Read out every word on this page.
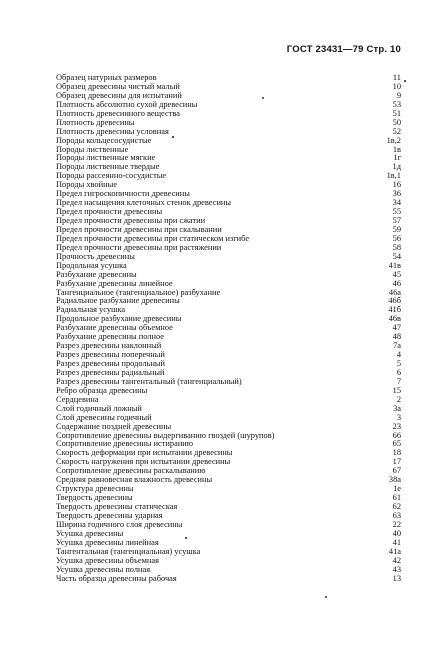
ГОСТ 23431—79 Стр. 10
Образец натурных размеров	11
Образец древесины чистый малый	10
Образец древесины для испытаний	9
Плотность абсолютно сухой древесины	53
Плотность древесинного вещества	51
Плотность древесины	50
Плотность древесины условная	52
Породы кольцесосудистые	1в,2
Породы лиственные	1в
Породы лиственные мягкие	1г
Породы лиственные твердые	1д
Породы рассеянно-сосудистые	1в,1
Породы хвойные	16
Предел гигроскопичности древесины	36
Предел насыщения клеточных стенок древесины	34
Предел прочности древесины	55
Предел прочности древесины при сжатии	57
Предел прочности древесины при скалывании	59
Предел прочности древесины при статическом изгибе	56
Предел прочности древесины при растяжении	58
Прочность древесины	54
Продольная усушка	41в
Разбухание древесины	45
Разбухание древесины линейное	46
Тангенциальное (тангенциальное) разбухание	46а
Радиальное разбухание древесины	46б
Радиальная усушка	41б
Продольное разбухание древесины	46в
Разбухание древесины объемное	47
Разбухание древесины полное	48
Разрез древесины наклонный	7а
Разрез древесины поперечный	4
Разрез древесины продольный	5
Разрез древесины радиальный	6
Разрез древесины тангентальный (тангенциальный)	7
Ребро образца древесины	15
Сердцевина	2
Слой годичный ложный	3а
Слой древесины годичный	3
Содержание поздней древесины	23
Сопротивление древесины выдергиванию гвоздей (шурупов)	66
Сопротивление древесины истиранию	65
Скорость деформации при испытании древесины	18
Скорость нагружения при испытании древесины	17
Сопротивление древесины раскалыванию	67
Средняя равновесная влажность древесины	38а
Структура древесины	1е
Твердость древесины	61
Твердость древесины статическая	62
Твердость древесины ударная	63
Ширина годичного слоя древесины	22
Усушка древесины	40
Усушка древесины линейная	41
Тангентальная (тангенциальная) усушка	41а
Усушка древесины объемная	42
Усушка древесины полная	43
Часть образца древесины рабочая	13
